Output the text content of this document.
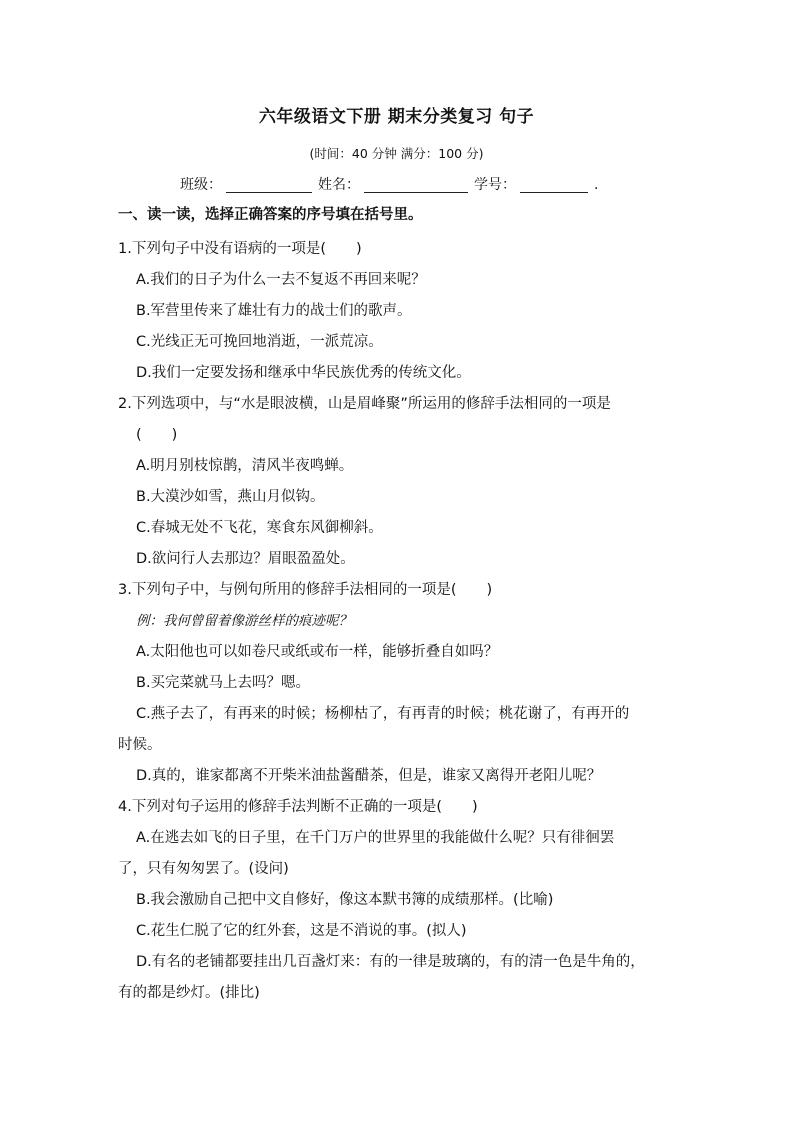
六年级语文下册 期末分类复习 句子
(时间：40 分钟 满分：100 分)
班级：	姓名：	学号：	.
一、读一读，选择正确答案的序号填在括号里。
1.下列句子中没有语病的一项是( )
A.我们的日子为什么一去不复返不再回来呢？
B.军营里传来了雄壮有力的战士们的歌声。
C.光线正无可挽回地消逝，一派荒凉。
D.我们一定要发扬和继承中华民族优秀的传统文化。
2.下列选项中，与“水是眼波横，山是眉峰聚”所运用的修辞手法相同的一项是
( )
A.明月别枝惊鹊，清风半夜鸣蝉。
B.大漠沙如雪，燕山月似钩。
C.春城无处不飞花，寒食东风御柳斜。
D.欲问行人去那边？眉眼盈盈处。
3.下列句子中，与例句所用的修辞手法相同的一项是( )
例：我何曾留着像游丝样的痕迹呢？
A.太阳他也可以如卷尺或纸或布一样，能够折叠自如吗？
B.买完菜就马上去吗？嗯。
C.燕子去了，有再来的时候；杨柳枯了，有再青的时候；桃花谢了，有再开的
时候。
D.真的，谁家都离不开柴米油盐酱醋茶，但是，谁家又离得开老阳儿呢？
4.下列对句子运用的修辞手法判断不正确的一项是( )
A.在逃去如飞的日子里，在千门万户的世界里的我能做什么呢？只有徘徊罢
了，只有匆匆罢了。(设问)
B.我会激励自己把中文自修好，像这本默书簿的成绩那样。(比喻)
C.花生仁脱了它的红外套，这是不消说的事。(拟人)
D.有名的老铺都要挂出几百盏灯来：有的一律是玻璃的，有的清一色是牛角的，
有的都是纱灯。(排比)
